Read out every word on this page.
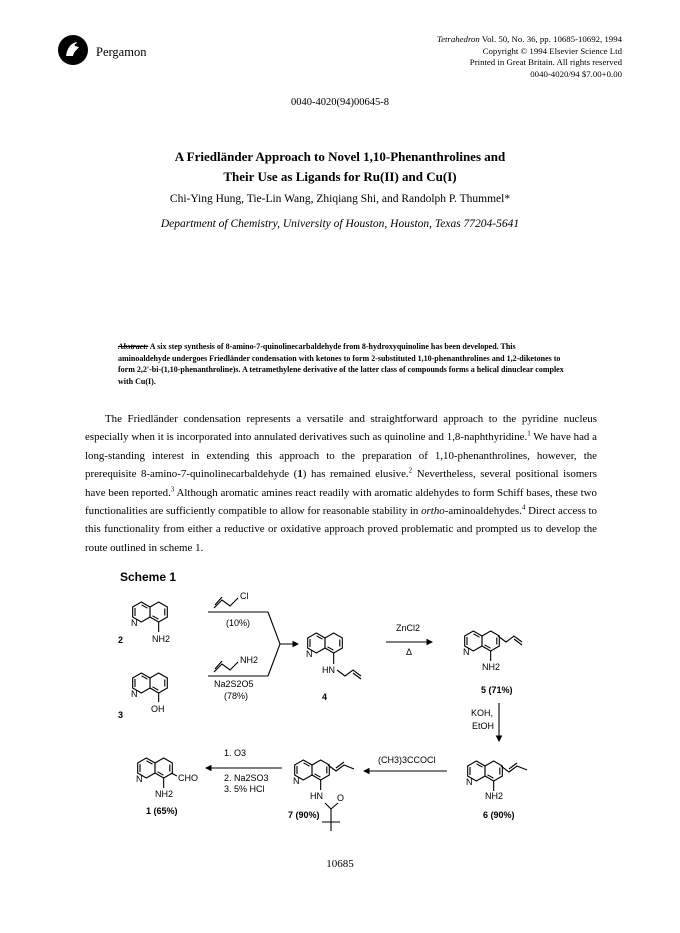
Pergamon
Tetrahedron Vol. 50, No. 36, pp. 10685-10692, 1994
Copyright © 1994 Elsevier Science Ltd
Printed in Great Britain. All rights reserved
0040-4020/94 $7.00+0.00
0040-4020(94)00645-8
A Friedländer Approach to Novel 1,10-Phenanthrolines and
Their Use as Ligands for Ru(II) and Cu(I)
Chi-Ying Hung, Tie-Lin Wang, Zhiqiang Shi, and Randolph P. Thummel*
Department of Chemistry, University of Houston, Houston, Texas 77204-5641
Abstract: A six step synthesis of 8-amino-7-quinolinecarbaldehyde from 8-hydroxyquinoline has been developed. This aminoaldehyde undergoes Friedländer condensation with ketones to form 2-substituted 1,10-phenanthrolines and 1,2-diketones to form 2,2'-bi-(1,10-phenanthroline)s. A tetramethylene derivative of the latter class of compounds forms a helical dinuclear complex with Cu(I).

The Friedländer condensation represents a versatile and straightforward approach to the pyridine nucleus especially when it is incorporated into annulated derivatives such as quinoline and 1,8-naphthyridine.$^1$ We have had a long-standing interest in extending this approach to the preparation of 1,10-phenanthrolines, however, the prerequisite 8-amino-7-quinolinecarbaldehyde (1) has remained elusive.$^2$ Nevertheless, several positional isomers have been reported.$^3$ Although aromatic amines react readily with aromatic aldehydes to form Schiff bases, these two functionalities are sufficiently compatible to allow for reasonable stability in ortho-aminoaldehydes.$^4$ Direct access to this functionality from either a reductive or oxidative approach proved problematic and prompted us to develop the route outlined in scheme 1.

Scheme 1
N
NH2
2
N
OH
3
Cl
(10%)
NH2
Na2S2O5
(78%)
N
HN
4
ZnCl2
Δ	N
NH2
5 (71%)
KOH,
EtOH
N
NH2
6 (90%)
(CH3)3CCOCl
N
HN O
7 (90%)
1. O3
2. Na2SO3
3. 5% HCl
N	CHO
NH2
1 (65%)
10685
